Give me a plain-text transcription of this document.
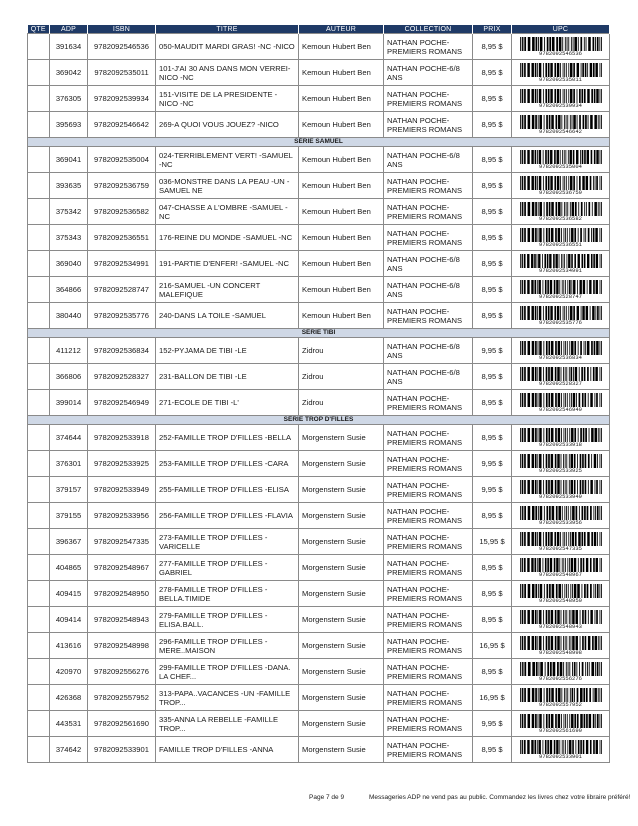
QTE	ADP	ISBN	TITRE	AUTEUR	COLLECTION	PRIX	UPC
	391634	9782092546536	050-MAUDIT MARDI GRAS! -NC -NICO	Kemoun Hubert Ben	NATHAN POCHE-PREMIERS ROMANS	8,95 $	9782092546536

	369042	9782092535011	101-J'AI 30 ANS DANS MON VERREI-NICO -NC	Kemoun Hubert Ben	NATHAN POCHE-6/8 ANS	8,95 $	9782092535011

	376305	9782092539934	151-VISITE DE LA PRESIDENTE -NICO -NC	Kemoun Hubert Ben	NATHAN POCHE-PREMIERS ROMANS	8,95 $	9782092539934

	395693	9782092546642	269-A QUOI VOUS JOUEZ? -NICO	Kemoun Hubert Ben	NATHAN POCHE-PREMIERS ROMANS	8,95 $	9782092546642

SÉRIE SAMUEL							
	369041	9782092535004	024-TERRIBLEMENT VERT! -SAMUEL -NC	Kemoun Hubert Ben	NATHAN POCHE-6/8 ANS	8,95 $	9782092535004

	393635	9782092536759	036-MONSTRE DANS LA PEAU -UN -SAMUEL NE	Kemoun Hubert Ben	NATHAN POCHE-PREMIERS ROMANS	8,95 $	9782092536759

	375342	9782092536582	047-CHASSE A L'OMBRE -SAMUEL -NC	Kemoun Hubert Ben	NATHAN POCHE-PREMIERS ROMANS	8,95 $	9782092536582

	375343	9782092536551	176-REINE DU MONDE -SAMUEL -NC	Kemoun Hubert Ben	NATHAN POCHE-PREMIERS ROMANS	8,95 $	9782092536551

	369040	9782092534991	191-PARTIE D'ENFER! -SAMUEL -NC	Kemoun Hubert Ben	NATHAN POCHE-6/8 ANS	8,95 $	9782092534991

	364866	9782092528747	216-SAMUEL -UN CONCERT MALEFIQUE	Kemoun Hubert Ben	NATHAN POCHE-6/8 ANS	8,95 $	9782092528747

	380440	9782092535776	240-DANS LA TOILE -SAMUEL	Kemoun Hubert Ben	NATHAN POCHE-PREMIERS ROMANS	8,95 $	9782092535776

SÉRIE TIBI							
	411212	9782092536834	152-PYJAMA DE TIBI -LE	Zidrou	NATHAN POCHE-6/8 ANS	9,95 $	9782092536834

	366806	9782092528327	231-BALLON DE TIBI -LE	Zidrou	NATHAN POCHE-6/8 ANS	8,95 $	9782092528327

	399014	9782092546949	271-ECOLE DE TIBI -L'	Zidrou	NATHAN POCHE-PREMIERS ROMANS	8,95 $	9782092546949

SÉRIE TROP D'FILLES							
	374644	9782092533918	252-FAMILLE TROP D'FILLES -BELLA	Morgenstern Susie	NATHAN POCHE-PREMIERS ROMANS	8,95 $	9782092533918

	376301	9782092533925	253-FAMILLE TROP D'FILLES -CARA	Morgenstern Susie	NATHAN POCHE-PREMIERS ROMANS	9,95 $	9782092533925

	379157	9782092533949	255-FAMILLE TROP D'FILLES -ELISA	Morgenstern Susie	NATHAN POCHE-PREMIERS ROMANS	9,95 $	9782092533949

	379155	9782092533956	256-FAMILLE TROP D'FILLES -FLAVIA	Morgenstern Susie	NATHAN POCHE-PREMIERS ROMANS	8,95 $	9782092533956

	396367	9782092547335	273-FAMILLE TROP D'FILLES -VARICELLE	Morgenstern Susie	NATHAN POCHE-PREMIERS ROMANS	15,95 $	9782092547335

	404865	9782092548967	277-FAMILLE TROP D'FILLES -GABRIEL	Morgenstern Susie	NATHAN POCHE-PREMIERS ROMANS	8,95 $	9782092548967

	409415	9782092548950	278-FAMILLE TROP D'FILLES -BELLA.TIMIDE	Morgenstern Susie	NATHAN POCHE-PREMIERS ROMANS	8,95 $	9782092548950

	409414	9782092548943	279-FAMILLE TROP D'FILLES -ELISA.BALL.	Morgenstern Susie	NATHAN POCHE-PREMIERS ROMANS	8,95 $	9782092548943

	413616	9782092548998	296-FAMILLE TROP D'FILLES -MERE..MAISON	Morgenstern Susie	NATHAN POCHE-PREMIERS ROMANS	16,95 $	9782092548998

	420970	9782092556276	299-FAMILLE TROP D'FILLES -DANA. LA CHEF...	Morgenstern Susie	NATHAN POCHE-PREMIERS ROMANS	8,95 $	9782092556276

	426368	9782092557952	313-PAPA..VACANCES -UN -FAMILLE TROP...	Morgenstern Susie	NATHAN POCHE-PREMIERS ROMANS	16,95 $	9782092557952

	443531	9782092561690	335-ANNA LA REBELLE -FAMILLE TROP...	Morgenstern Susie	NATHAN POCHE-PREMIERS ROMANS	9,95 $	9782092561690

	374642	9782092533901	FAMILLE TROP D'FILLES -ANNA	Morgenstern Susie	NATHAN POCHE-PREMIERS ROMANS	8,95 $	9782092533901
Page 7 de 9	Messageries ADP ne vend pas au public. Commandez les livres chez votre libraire préféré!
